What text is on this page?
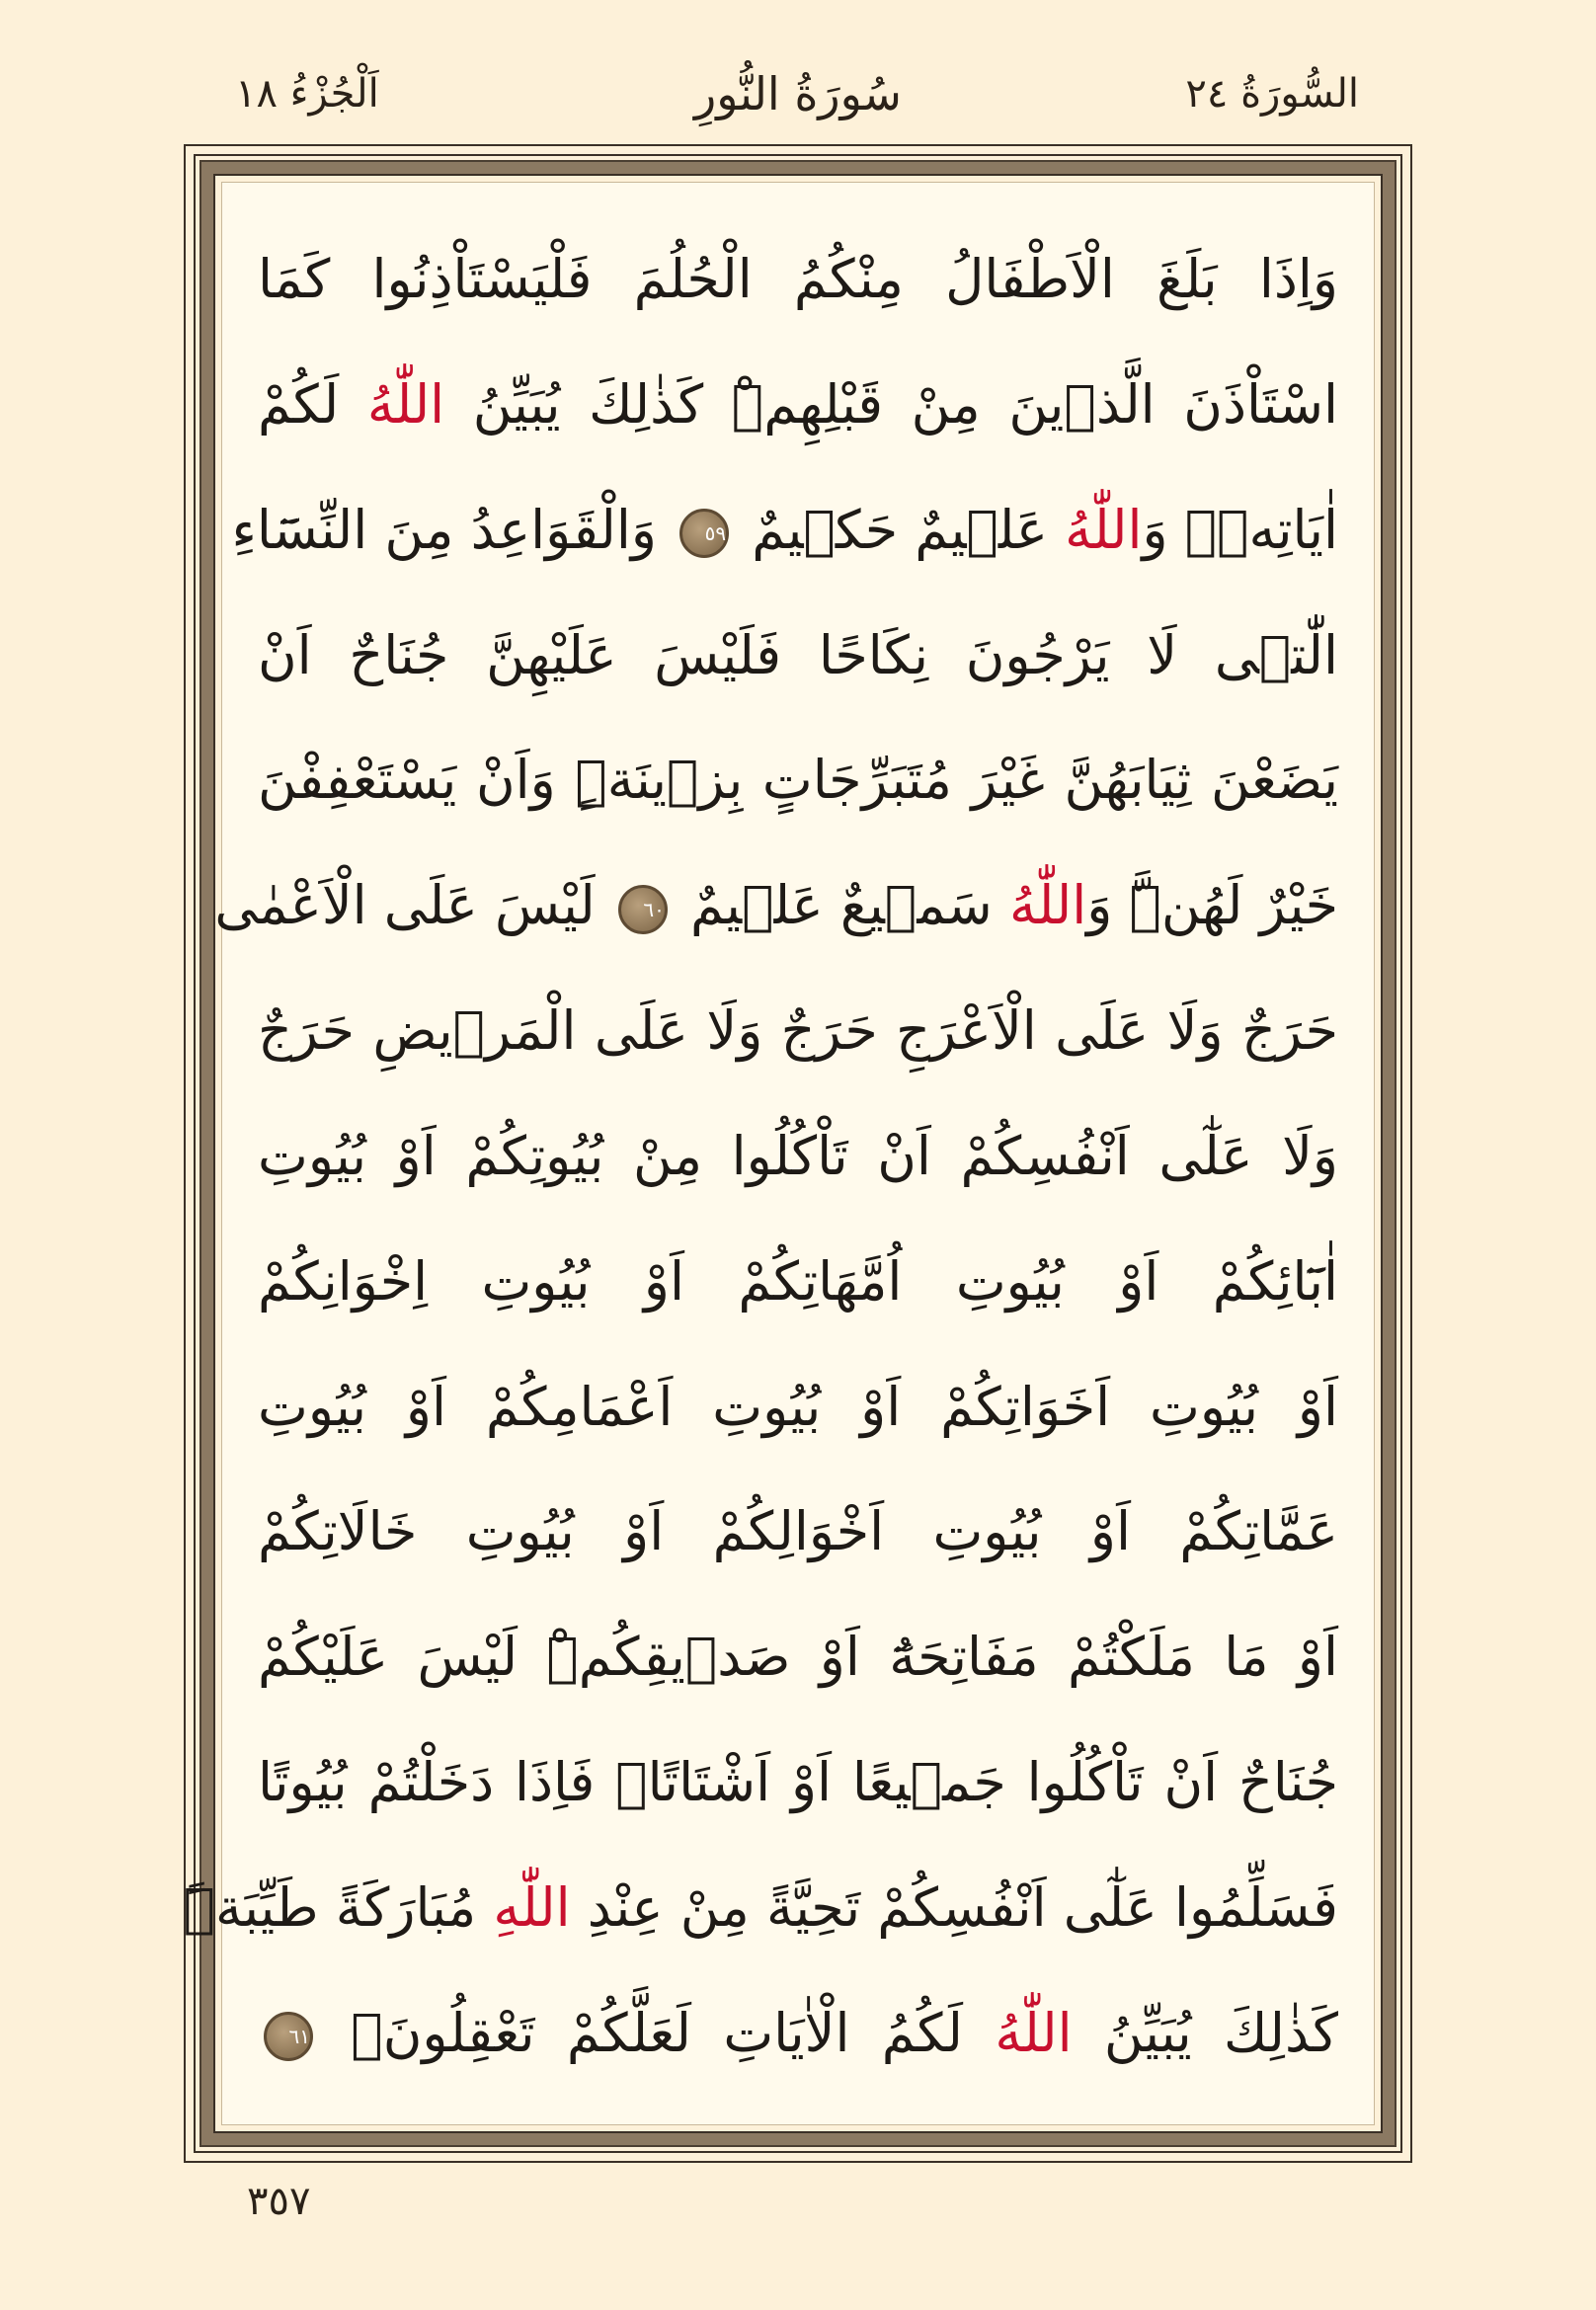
اَلْجُزْءُ ١٨	سُورَةُ النُّورِ	السُّورَةُ ٢٤
وَاِذَا بَلَغَ الْاَطْفَالُ مِنْكُمُ الْحُلُمَ فَلْيَسْتَاْذِنُوا كَمَا
اسْتَاْذَنَ الَّذٖينَ مِنْ قَبْلِهِمْۜ كَذٰلِكَ يُبَيِّنُ اللّٰهُ لَكُمْ
اٰيَاتِهٖۜ وَاللّٰهُ عَلٖيمٌ حَكٖيمٌ ٥٩ وَالْقَوَاعِدُ مِنَ النِّسَٓاءِ
الّٰتٖى لَا يَرْجُونَ نِكَاحًا فَلَيْسَ عَلَيْهِنَّ جُنَاحٌ اَنْ
يَضَعْنَ ثِيَابَهُنَّ غَيْرَ مُتَبَرِّجَاتٍ بِزٖينَةٍۜ وَاَنْ يَسْتَعْفِفْنَ
خَيْرٌ لَهُنَّۜ وَاللّٰهُ سَمٖيعٌ عَلٖيمٌ ٦٠ لَيْسَ عَلَى الْاَعْمٰى
حَرَجٌ وَلَا عَلَى الْاَعْرَجِ حَرَجٌ وَلَا عَلَى الْمَرٖيضِ حَرَجٌ
وَلَا عَلٰٓى اَنْفُسِكُمْ اَنْ تَاْكُلُوا مِنْ بُيُوتِكُمْ اَوْ بُيُوتِ
اٰبَٓائِكُمْ اَوْ بُيُوتِ اُمَّهَاتِكُمْ اَوْ بُيُوتِ اِخْوَانِكُمْ
اَوْ بُيُوتِ اَخَوَاتِكُمْ اَوْ بُيُوتِ اَعْمَامِكُمْ اَوْ بُيُوتِ
عَمَّاتِكُمْ اَوْ بُيُوتِ اَخْوَالِكُمْ اَوْ بُيُوتِ خَالَاتِكُمْ
اَوْ مَا مَلَكْتُمْ مَفَاتِحَهُٓ اَوْ صَدٖيقِكُمْۜ لَيْسَ عَلَيْكُمْ
جُنَاحٌ اَنْ تَاْكُلُوا جَمٖيعًا اَوْ اَشْتَاتًاۜ فَاِذَا دَخَلْتُمْ بُيُوتًا
فَسَلِّمُوا عَلٰٓى اَنْفُسِكُمْ تَحِيَّةً مِنْ عِنْدِ اللّٰهِ مُبَارَكَةً طَيِّبَةًۜ
كَذٰلِكَ يُبَيِّنُ اللّٰهُ لَكُمُ الْاٰيَاتِ لَعَلَّكُمْ تَعْقِلُونَ۟ ٦١
٣٥٧
